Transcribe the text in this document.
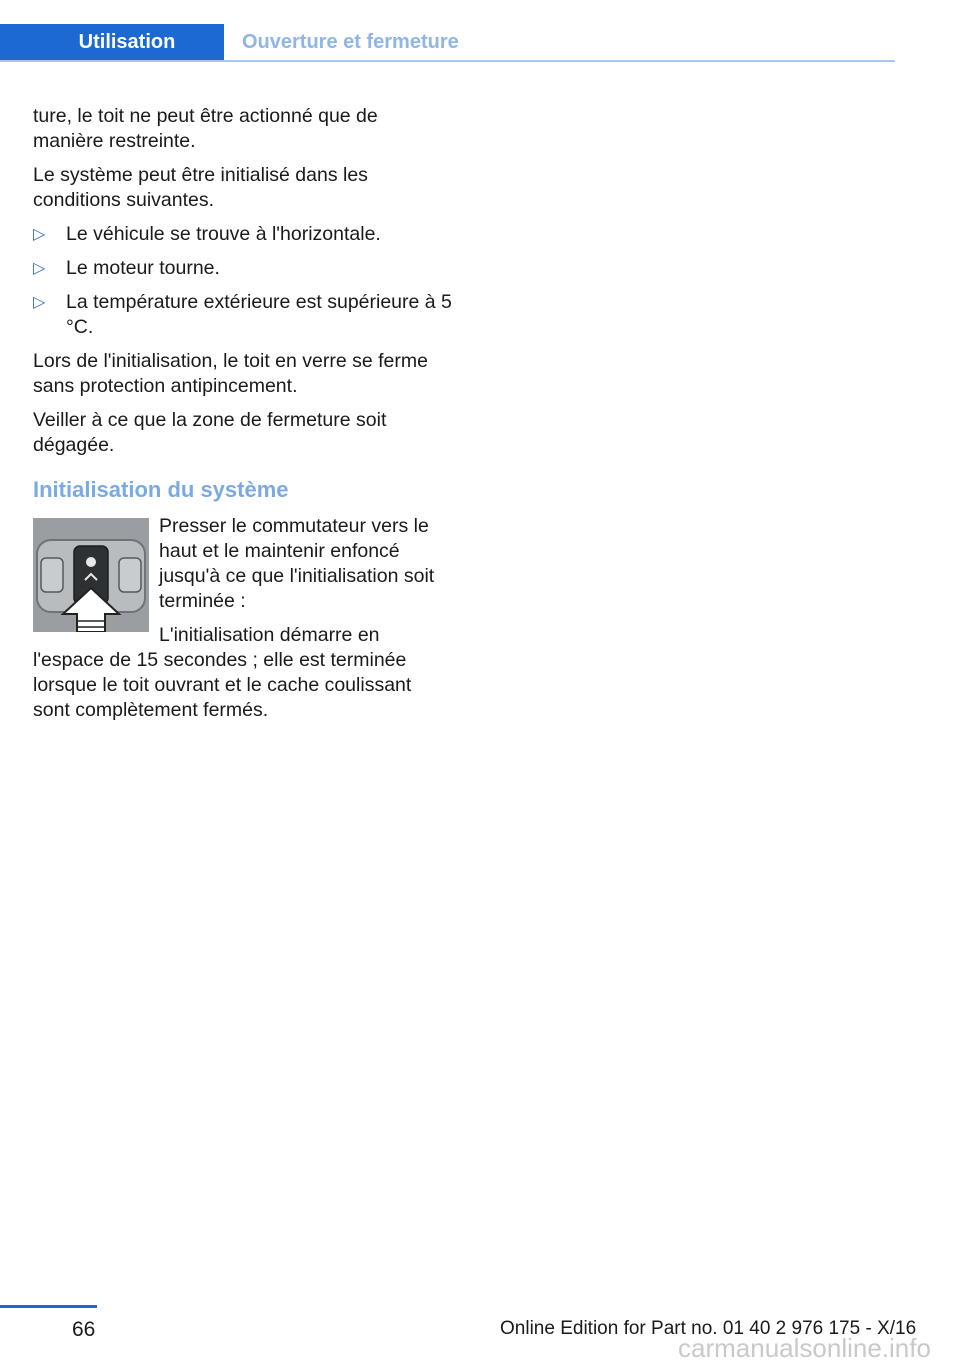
Utilisation	Ouverture et fermeture

ture, le toit ne peut être actionné que de manière restreinte.

Le système peut être initialisé dans les conditions suivantes.

▷ Le véhicule se trouve à l'horizontale.
▷ Le moteur tourne.
▷ La température extérieure est supérieure à 5 °C.

Lors de l'initialisation, le toit en verre se ferme sans protection antipincement.

Veiller à ce que la zone de fermeture soit dégagée.

Initialisation du système

Presser le commutateur vers le haut et le maintenir enfoncé jusqu'à ce que l'initialisation soit terminée :

L'initialisation démarre en l'espace de 15 secondes ; elle est terminée lorsque le toit ouvrant et le cache coulissant sont complètement fermés.

66	Online Edition for Part no. 01 40 2 976 175 - X/16
carmanualsonline.info
